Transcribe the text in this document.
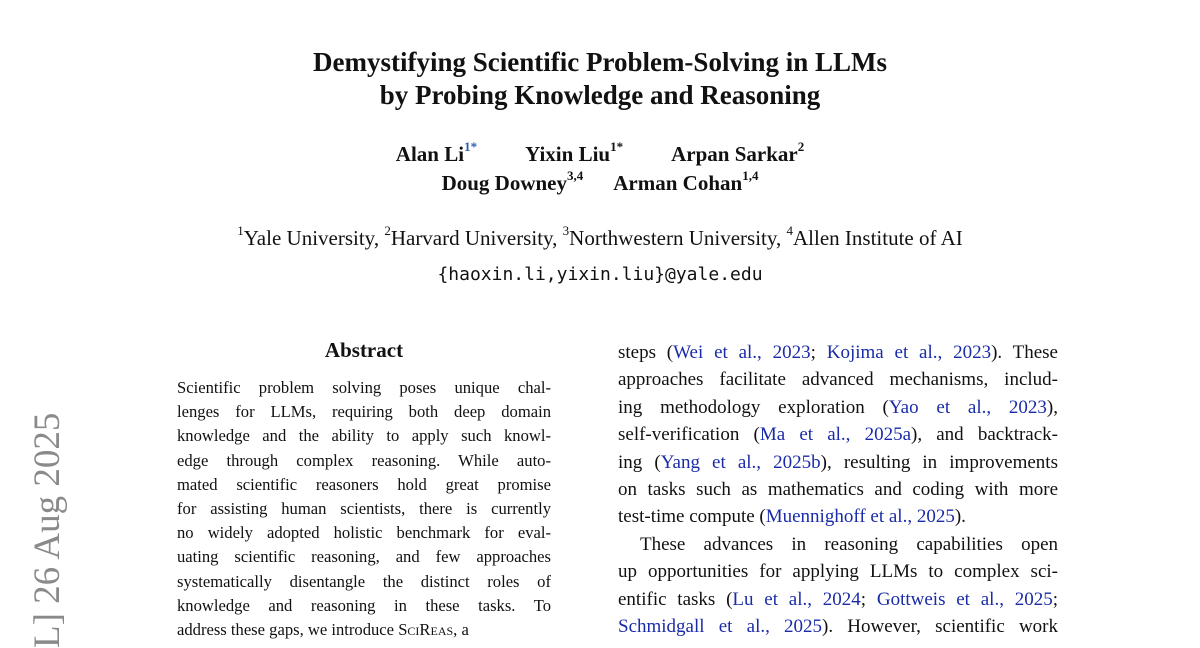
L] 26 Aug 2025
Demystifying Scientific Problem-Solving in LLMs
by Probing Knowledge and Reasoning
Alan Li$^{1*}$ Yixin Liu$^{1*}$ Arpan Sarkar$^2$
Doug Downey$^{3,4}$ Arman Cohan$^{1,4}$
$^1$Yale University, $^2$Harvard University, $^3$Northwestern University, $^4$Allen Institute of AI
{haoxin.li,yixin.liu}@yale.edu
Abstract
Scientific problem solving poses unique chal-
lenges for LLMs, requiring both deep domain
knowledge and the ability to apply such knowl-
edge through complex reasoning. While auto-
mated scientific reasoners hold great promise
for assisting human scientists, there is currently
no widely adopted holistic benchmark for eval-
uating scientific reasoning, and few approaches
systematically disentangle the distinct roles of
knowledge and reasoning in these tasks. To
address these gaps, we introduce SciReas, a
steps (Wei et al., 2023; Kojima et al., 2023). These
approaches facilitate advanced mechanisms, includ-
ing methodology exploration (Yao et al., 2023),
self-verification (Ma et al., 2025a), and backtrack-
ing (Yang et al., 2025b), resulting in improvements
on tasks such as mathematics and coding with more
test-time compute (Muennighoff et al., 2025).
These advances in reasoning capabilities open
up opportunities for applying LLMs to complex sci-
entific tasks (Lu et al., 2024; Gottweis et al., 2025;
Schmidgall et al., 2025). However, scientific work
